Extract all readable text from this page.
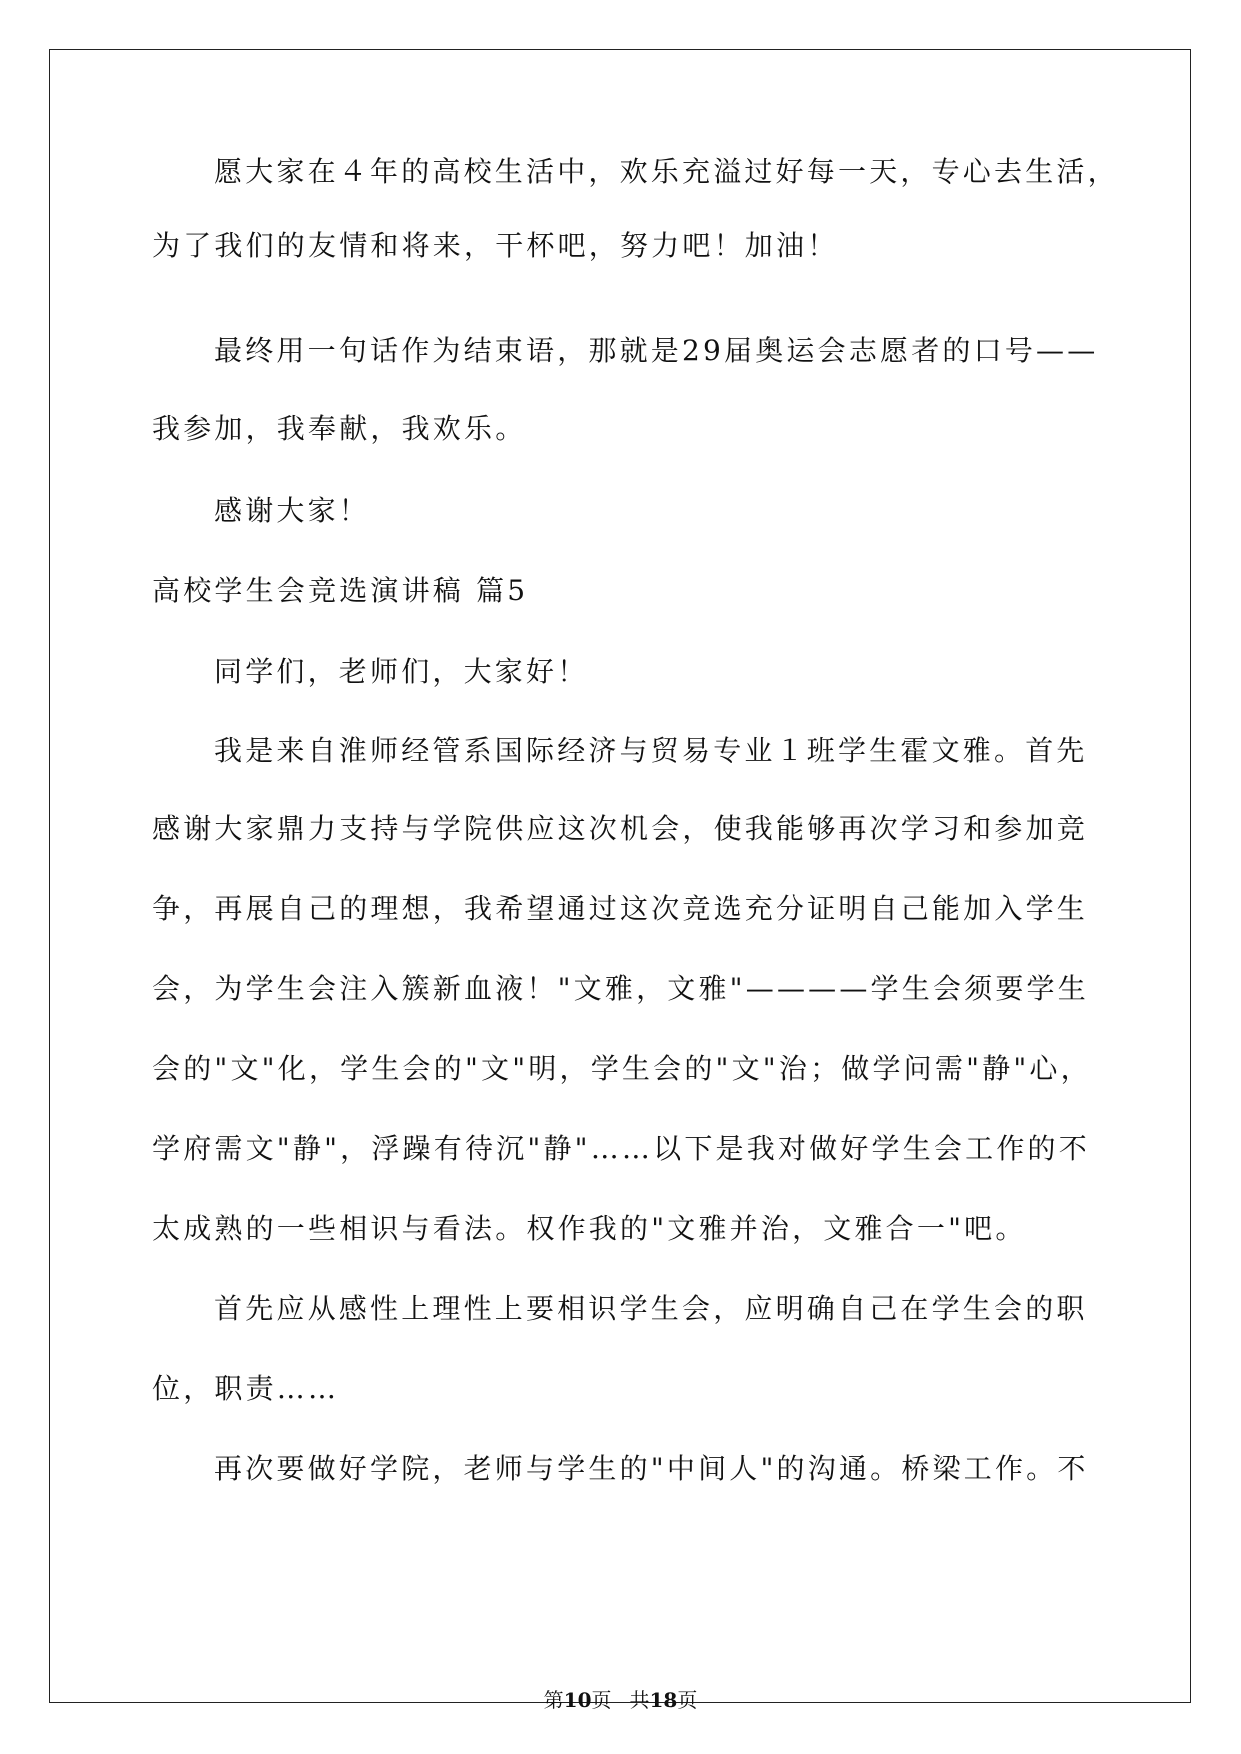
愿大家在４年的高校生活中，欢乐充溢过好每一天，专心去生活，
为了我们的友情和将来，干杯吧，努力吧！加油！
最终用一句话作为结束语，那就是29届奥运会志愿者的口号——
我参加，我奉献，我欢乐。
感谢大家！
高校学生会竞选演讲稿 篇5
同学们，老师们，大家好！
我是来自淮师经管系国际经济与贸易专业１班学生霍文雅。首先
感谢大家鼎力支持与学院供应这次机会，使我能够再次学习和参加竞
争，再展自己的理想，我希望通过这次竞选充分证明自己能加入学生
会，为学生会注入簇新血液！"文雅，文雅"————学生会须要学生
会的"文"化，学生会的"文"明，学生会的"文"治；做学问需"静"心，
学府需文"静"，浮躁有待沉"静"……以下是我对做好学生会工作的不
太成熟的一些相识与看法。权作我的"文雅并治，文雅合一"吧。
首先应从感性上理性上要相识学生会，应明确自己在学生会的职
位，职责……
再次要做好学院，老师与学生的"中间人"的沟通。桥梁工作。不
第10页 共18页
